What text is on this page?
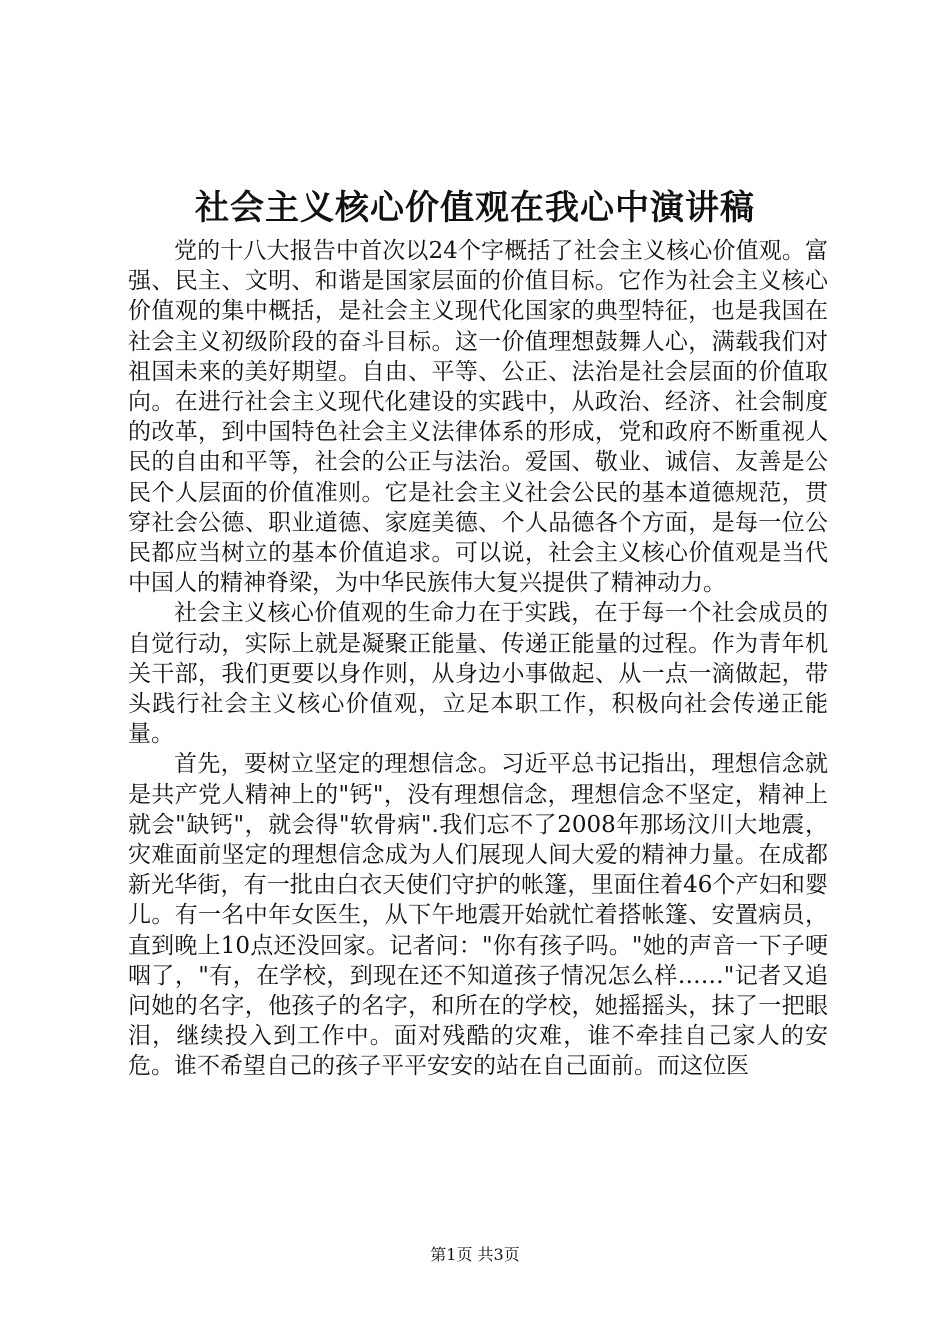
社会主义核心价值观在我心中演讲稿

党的十八大报告中首次以24个字概括了社会主义核心价值观。富强、民主、文明、和谐是国家层面的价值目标。它作为社会主义核心价值观的集中概括，是社会主义现代化国家的典型特征，也是我国在社会主义初级阶段的奋斗目标。这一价值理想鼓舞人心，满载我们对祖国未来的美好期望。自由、平等、公正、法治是社会层面的价值取向。在进行社会主义现代化建设的实践中，从政治、经济、社会制度的改革，到中国特色社会主义法律体系的形成，党和政府不断重视人民的自由和平等，社会的公正与法治。爱国、敬业、诚信、友善是公民个人层面的价值准则。它是社会主义社会公民的基本道德规范，贯穿社会公德、职业道德、家庭美德、个人品德各个方面，是每一位公民都应当树立的基本价值追求。可以说，社会主义核心价值观是当代中国人的精神脊梁，为中华民族伟大复兴提供了精神动力。

社会主义核心价值观的生命力在于实践，在于每一个社会成员的自觉行动，实际上就是凝聚正能量、传递正能量的过程。作为青年机关干部，我们更要以身作则，从身边小事做起、从一点一滴做起，带头践行社会主义核心价值观，立足本职工作，积极向社会传递正能量。

首先，要树立坚定的理想信念。习近平总书记指出，理想信念就是共产党人精神上的"钙"，没有理想信念，理想信念不坚定，精神上就会"缺钙"，就会得"软骨病".我们忘不了2008年那场汶川大地震，灾难面前坚定的理想信念成为人们展现人间大爱的精神力量。在成都新光华街，有一批由白衣天使们守护的帐篷，里面住着46个产妇和婴儿。有一名中年女医生，从下午地震开始就忙着搭帐篷、安置病员，直到晚上10点还没回家。记者问："你有孩子吗。"她的声音一下子哽咽了，"有，在学校，到现在还不知道孩子情况怎么样……"记者又追问她的名字，他孩子的名字，和所在的学校，她摇摇头，抹了一把眼泪，继续投入到工作中。面对残酷的灾难，谁不牵挂自己家人的安危。谁不希望自己的孩子平平安安的站在自己面前。而这位医

第1页 共3页
